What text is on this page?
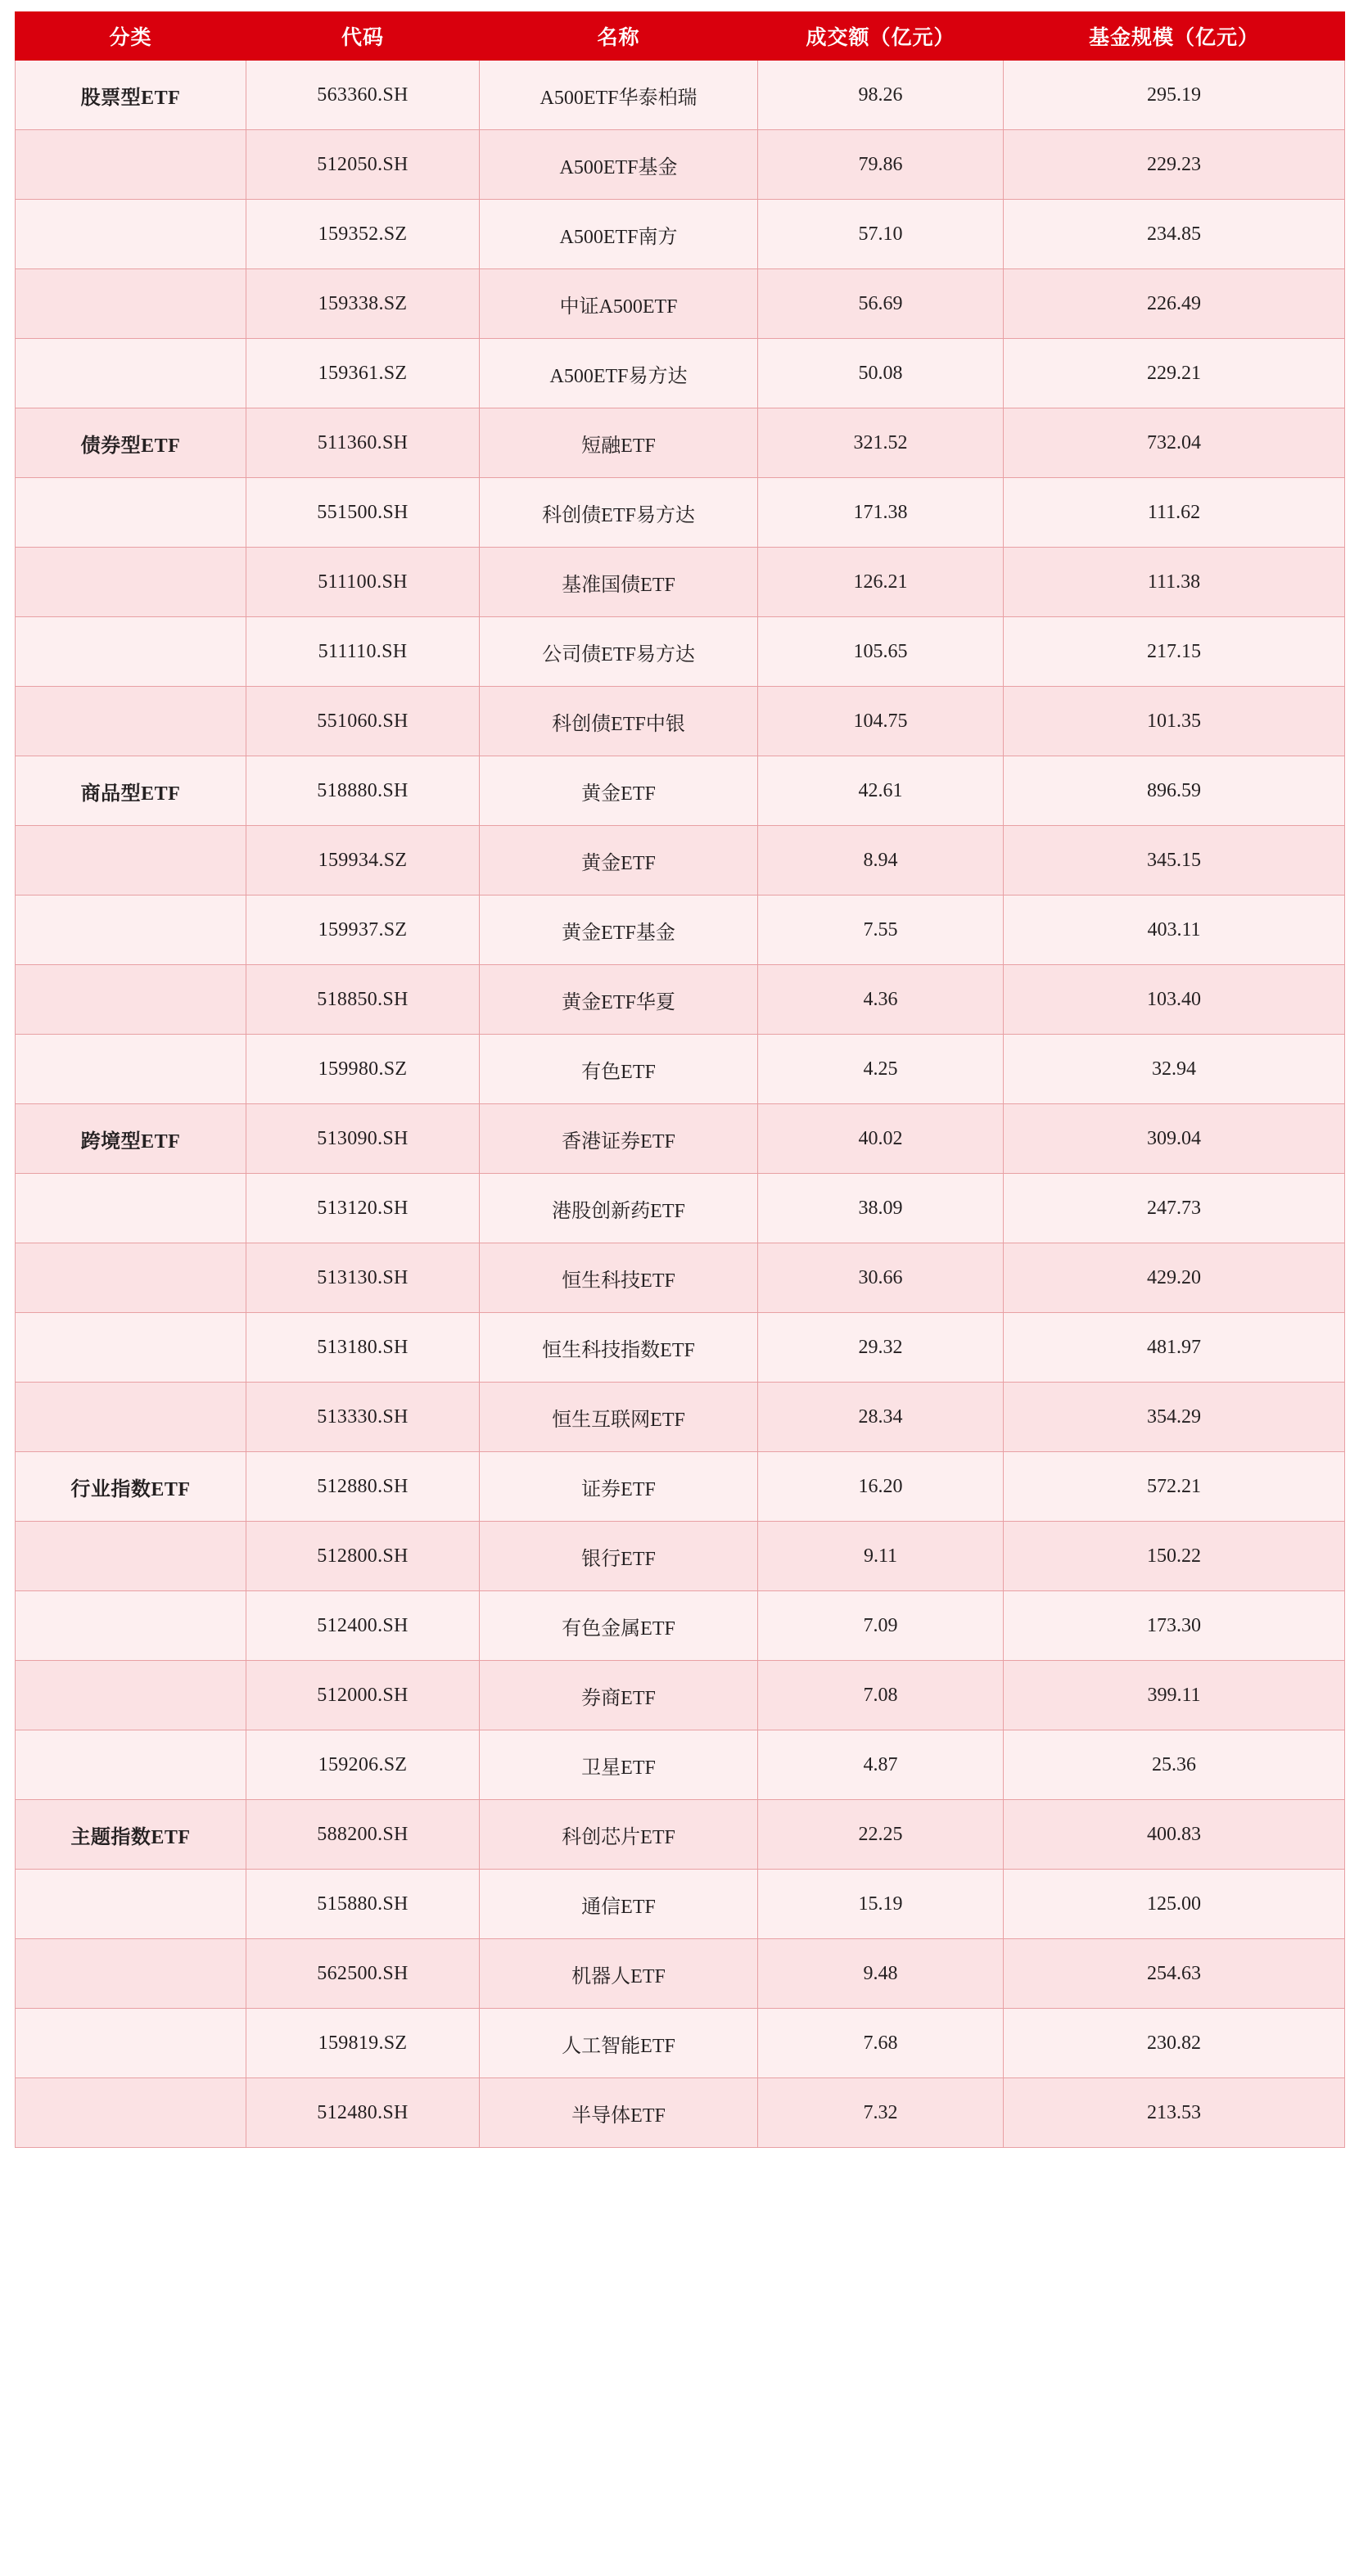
分类	代码	名称	成交额（亿元）	基金规模（亿元）
股票型ETF	563360.SH	A500ETF华泰柏瑞	98.26	295.19
	512050.SH	A500ETF基金	79.86	229.23
	159352.SZ	A500ETF南方	57.10	234.85
	159338.SZ	中证A500ETF	56.69	226.49
	159361.SZ	A500ETF易方达	50.08	229.21
债券型ETF	511360.SH	短融ETF	321.52	732.04
	551500.SH	科创债ETF易方达	171.38	111.62
	511100.SH	基准国债ETF	126.21	111.38
	511110.SH	公司债ETF易方达	105.65	217.15
	551060.SH	科创债ETF中银	104.75	101.35
商品型ETF	518880.SH	黄金ETF	42.61	896.59
	159934.SZ	黄金ETF	8.94	345.15
	159937.SZ	黄金ETF基金	7.55	403.11
	518850.SH	黄金ETF华夏	4.36	103.40
	159980.SZ	有色ETF	4.25	32.94
跨境型ETF	513090.SH	香港证券ETF	40.02	309.04
	513120.SH	港股创新药ETF	38.09	247.73
	513130.SH	恒生科技ETF	30.66	429.20
	513180.SH	恒生科技指数ETF	29.32	481.97
	513330.SH	恒生互联网ETF	28.34	354.29
行业指数ETF	512880.SH	证券ETF	16.20	572.21
	512800.SH	银行ETF	9.11	150.22
	512400.SH	有色金属ETF	7.09	173.30
	512000.SH	券商ETF	7.08	399.11
	159206.SZ	卫星ETF	4.87	25.36
主题指数ETF	588200.SH	科创芯片ETF	22.25	400.83
	515880.SH	通信ETF	15.19	125.00
	562500.SH	机器人ETF	9.48	254.63
	159819.SZ	人工智能ETF	7.68	230.82
	512480.SH	半导体ETF	7.32	213.53
